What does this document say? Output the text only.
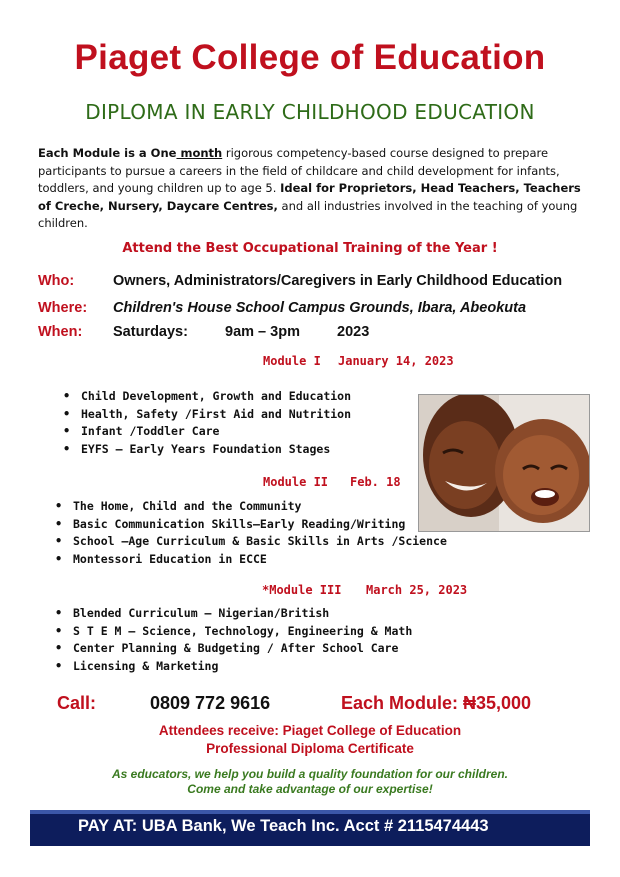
Piaget College of Education
DIPLOMA IN EARLY CHILDHOOD EDUCATION
Each Module is a One month rigorous competency-based course designed to prepare participants to pursue a careers in the field of childcare and child development for infants, toddlers, and young children up to age 5. Ideal for Proprietors, Head Teachers, Teachers of Creche, Nursery, Daycare Centres, and all industries involved in the teaching of young children.
Attend the Best Occupational Training of the Year !
Who:	Owners, Administrators/Caregivers in Early Childhood Education
Where: Children's House School Campus Grounds, Ibara, Abeokuta
When: Saturdays:	9am – 3pm	2023
Module I January 14, 2023
• Child Development, Growth and Education
• Health, Safety /First Aid and Nutrition
• Infant /Toddler Care
• EYFS – Early Years Foundation Stages
Module II Feb. 18
• The Home, Child and the Community
• Basic Communication Skills—Early Reading/Writing
• School –Age Curriculum & Basic Skills in Arts /Science
• Montessori Education in ECCE
*Module III March 25, 2023
• Blended Curriculum – Nigerian/British
• S T E M – Science, Technology, Engineering & Math
• Center Planning & Budgeting / After School Care
• Licensing & Marketing
Call:	0809 772 9616	Each Module: ₦35,000
Attendees receive: Piaget College of Education
Professional Diploma Certificate
As educators, we help you build a quality foundation for our children.
Come and take advantage of our expertise!
PAY AT: UBA Bank, We Teach Inc. Acct # 2115474443
